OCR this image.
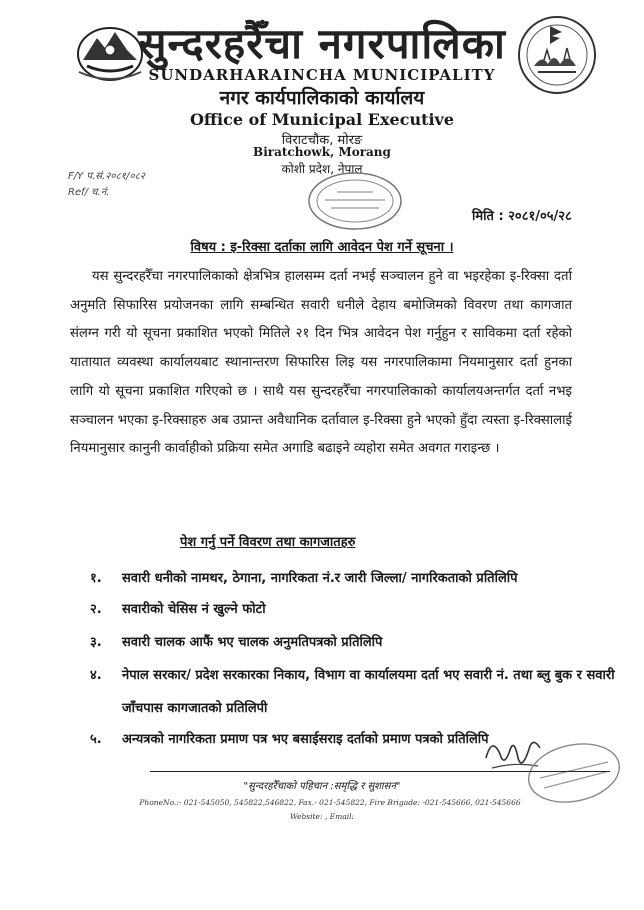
सुन्दरहरैँचा नगरपालिका
SUNDARHARAINCHA MUNICIPALITY
नगर कार्यपालिकाको कार्यालय
Office of Municipal Executive
विराटचौक, मोरङ
Biratchowk, Morang
कोशी प्रदेश, नेपाल
F/Y प.सं.२०८१/०८२
Ref/ च.नं.
मिति : २०८१/०५/२८
विषय : इ-रिक्सा दर्ताका लागि आवेदन पेश गर्ने सूचना ।
यस सुन्दरहरैँचा नगरपालिकाको क्षेत्रभित्र हालसम्म दर्ता नभई सञ्चालन हुने वा भइरहेका इ-रिक्सा दर्ता अनुमति सिफारिस प्रयोजनका लागि सम्बन्धित सवारी धनीले देहाय बमोजिमको विवरण तथा कागजात संलग्न गरी यो सूचना प्रकाशित भएको मितिले २१ दिन भित्र आवेदन पेश गर्नुहुन र साविकमा दर्ता रहेको यातायात व्यवस्था कार्यालयबाट स्थानान्तरण सिफारिस लिइ यस नगरपालिकामा नियमानुसार दर्ता हुनका लागि यो सूचना प्रकाशित गरिएको छ । साथै यस सुन्दरहरैँचा नगरपालिकाको कार्यालयअन्तर्गत दर्ता नभइ सञ्चालन भएका इ-रिक्साहरु अब उप्रान्त अवैधानिक दर्तावाल इ-रिक्सा हुने भएको हुँदा त्यस्ता इ-रिक्सालाई नियमानुसार कानुनी कार्वाहीको प्रक्रिया समेत अगाडि बढाइने व्यहोरा समेत अवगत गराइन्छ ।
पेश गर्नु पर्ने विवरण तथा कागजातहरु
१. सवारी धनीको नामथर, ठेगाना, नागरिकता नं.र जारी जिल्ला/ नागरिकताको प्रतिलिपि
२. सवारीको चेसिस नं खुल्ने फोटो
३. सवारी चालक आफैं भए चालक अनुमतिपत्रको प्रतिलिपि
४. नेपाल सरकार/ प्रदेश सरकारका निकाय, विभाग वा कार्यालयमा दर्ता भए सवारी नं. तथा ब्लु बुक र सवारी जाँचपास कागजातको प्रतिलिपी
५. अन्यत्रको नागरिकता प्रमाण पत्र भए बसाईसराइ दर्ताको प्रमाण पत्रको प्रतिलिपि
"सुन्दरहरैँचाको पहिचान :समृद्धि र सुशासन"
PhoneNo.:- 021-545050, 545822,546822, Fax.- 021-545822, Fire Brigade: -021-545666, 021-545666
Website: , Email:
